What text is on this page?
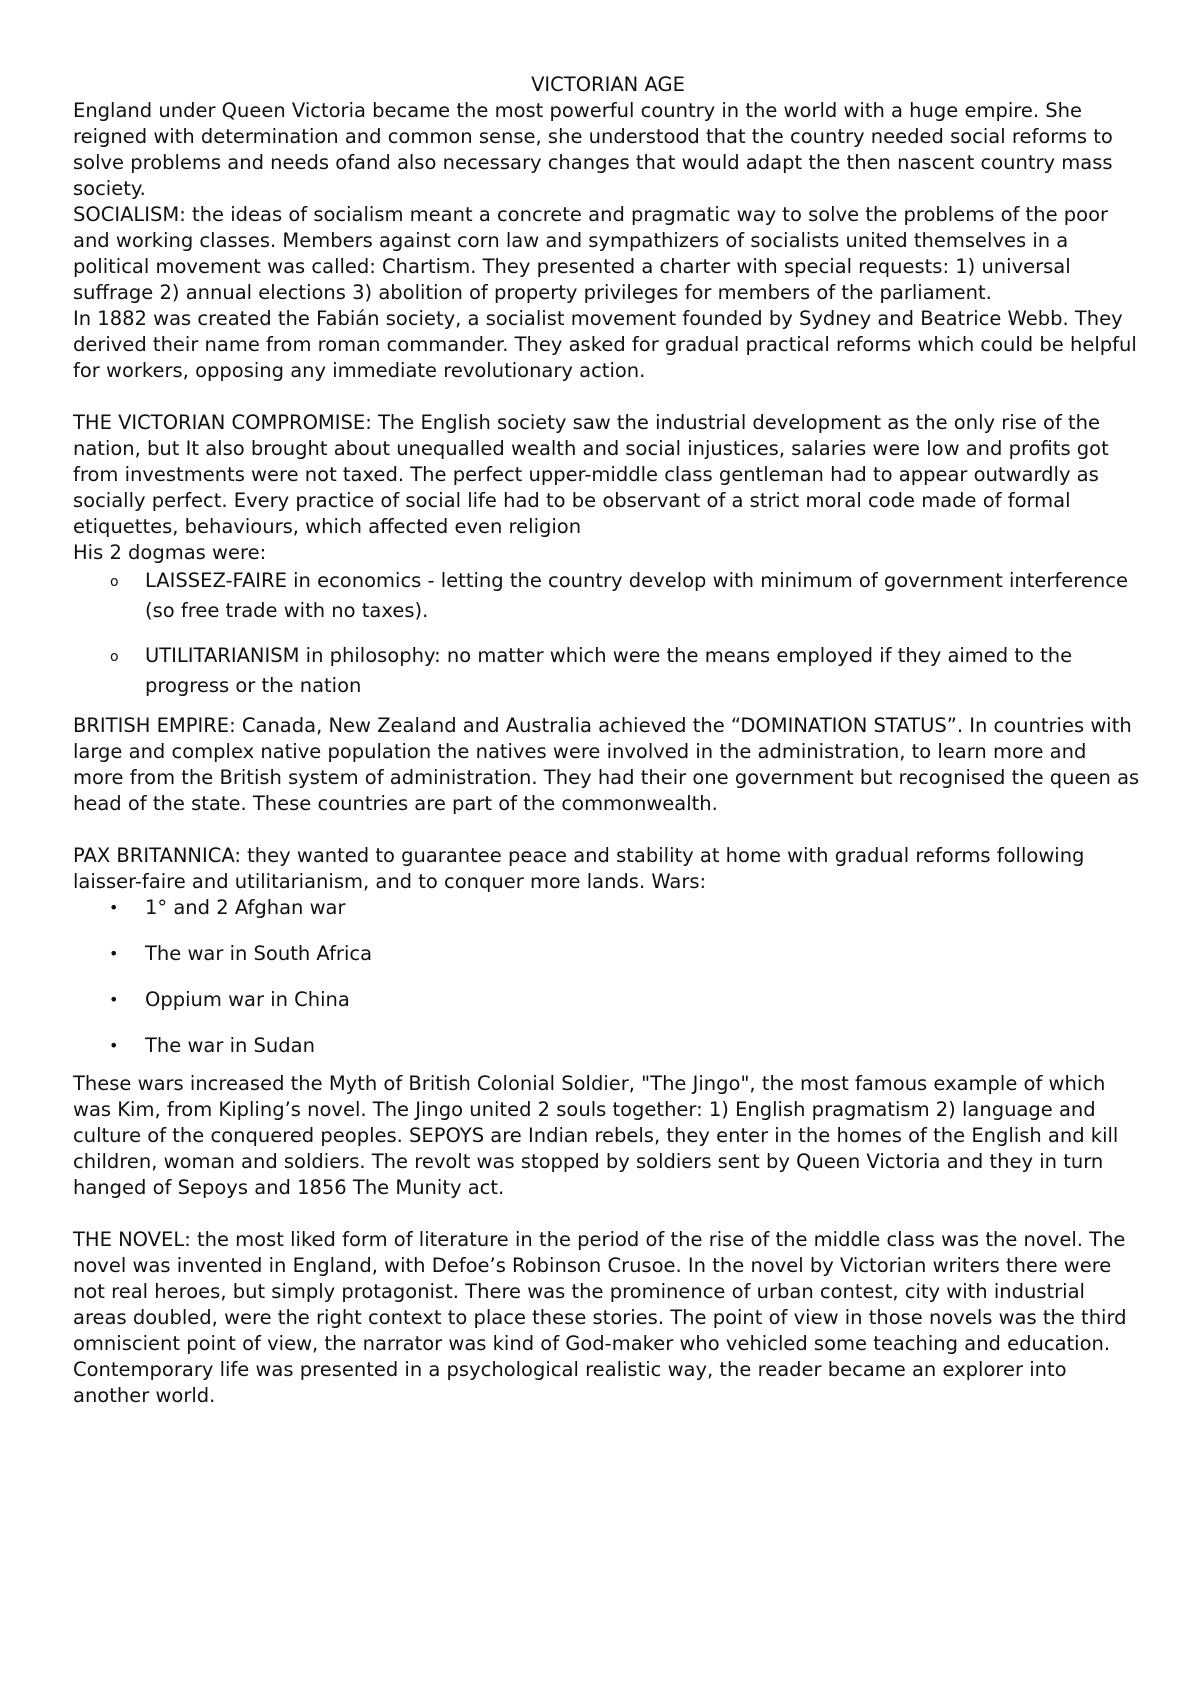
VICTORIAN AGE

England under Queen Victoria became the most powerful country in the world with a huge empire. She reigned with determination and common sense, she understood that the country needed social reforms to solve problems and needs ofand also necessary changes that would adapt the then nascent country mass society.

SOCIALISM: the ideas of socialism meant a concrete and pragmatic way to solve the problems of the poor and working classes. Members against corn law and sympathizers of socialists united themselves in a political movement was called: Chartism. They presented a charter with special requests: 1) universal suffrage 2) annual elections 3) abolition of property privileges for members of the parliament.

In 1882 was created the Fabián society, a socialist movement founded by Sydney and Beatrice Webb. They derived their name from roman commander. They asked for gradual practical reforms which could be helpful for workers, opposing any immediate revolutionary action.

THE VICTORIAN COMPROMISE: The English society saw the industrial development as the only rise of the nation, but It also brought about unequalled wealth and social injustices, salaries were low and profits got from investments were not taxed. The perfect upper-middle class gentleman had to appear outwardly as socially perfect. Every practice of social life had to be observant of a strict moral code made of formal etiquettes, behaviours, which affected even religion

His 2 dogmas were:

o LAISSEZ-FAIRE in economics - letting the country develop with minimum of government interference (so free trade with no taxes).
o UTILITARIANISM in philosophy: no matter which were the means employed if they aimed to the progress or the nation

BRITISH EMPIRE: Canada, New Zealand and Australia achieved the “DOMINATION STATUS”. In countries with large and complex native population the natives were involved in the administration, to learn more and more from the British system of administration. They had their one government but recognised the queen as head of the state. These countries are part of the commonwealth.

PAX BRITANNICA: they wanted to guarantee peace and stability at home with gradual reforms following laisser-faire and utilitarianism, and to conquer more lands. Wars:

• 1° and 2 Afghan war
• The war in South Africa
• Oppium war in China
• The war in Sudan

These wars increased the Myth of British Colonial Soldier, "The Jingo", the most famous example of which was Kim, from Kipling’s novel. The Jingo united 2 souls together: 1) English pragmatism 2) language and culture of the conquered peoples. SEPOYS are Indian rebels, they enter in the homes of the English and kill children, woman and soldiers. The revolt was stopped by soldiers sent by Queen Victoria and they in turn hanged of Sepoys and 1856 The Munity act.

THE NOVEL: the most liked form of literature in the period of the rise of the middle class was the novel. The novel was invented in England, with Defoe’s Robinson Crusoe. In the novel by Victorian writers there were not real heroes, but simply protagonist. There was the prominence of urban contest, city with industrial areas doubled, were the right context to place these stories. The point of view in those novels was the third omniscient point of view, the narrator was kind of God-maker who vehicled some teaching and education. Contemporary life was presented in a psychological realistic way, the reader became an explorer into another world.
